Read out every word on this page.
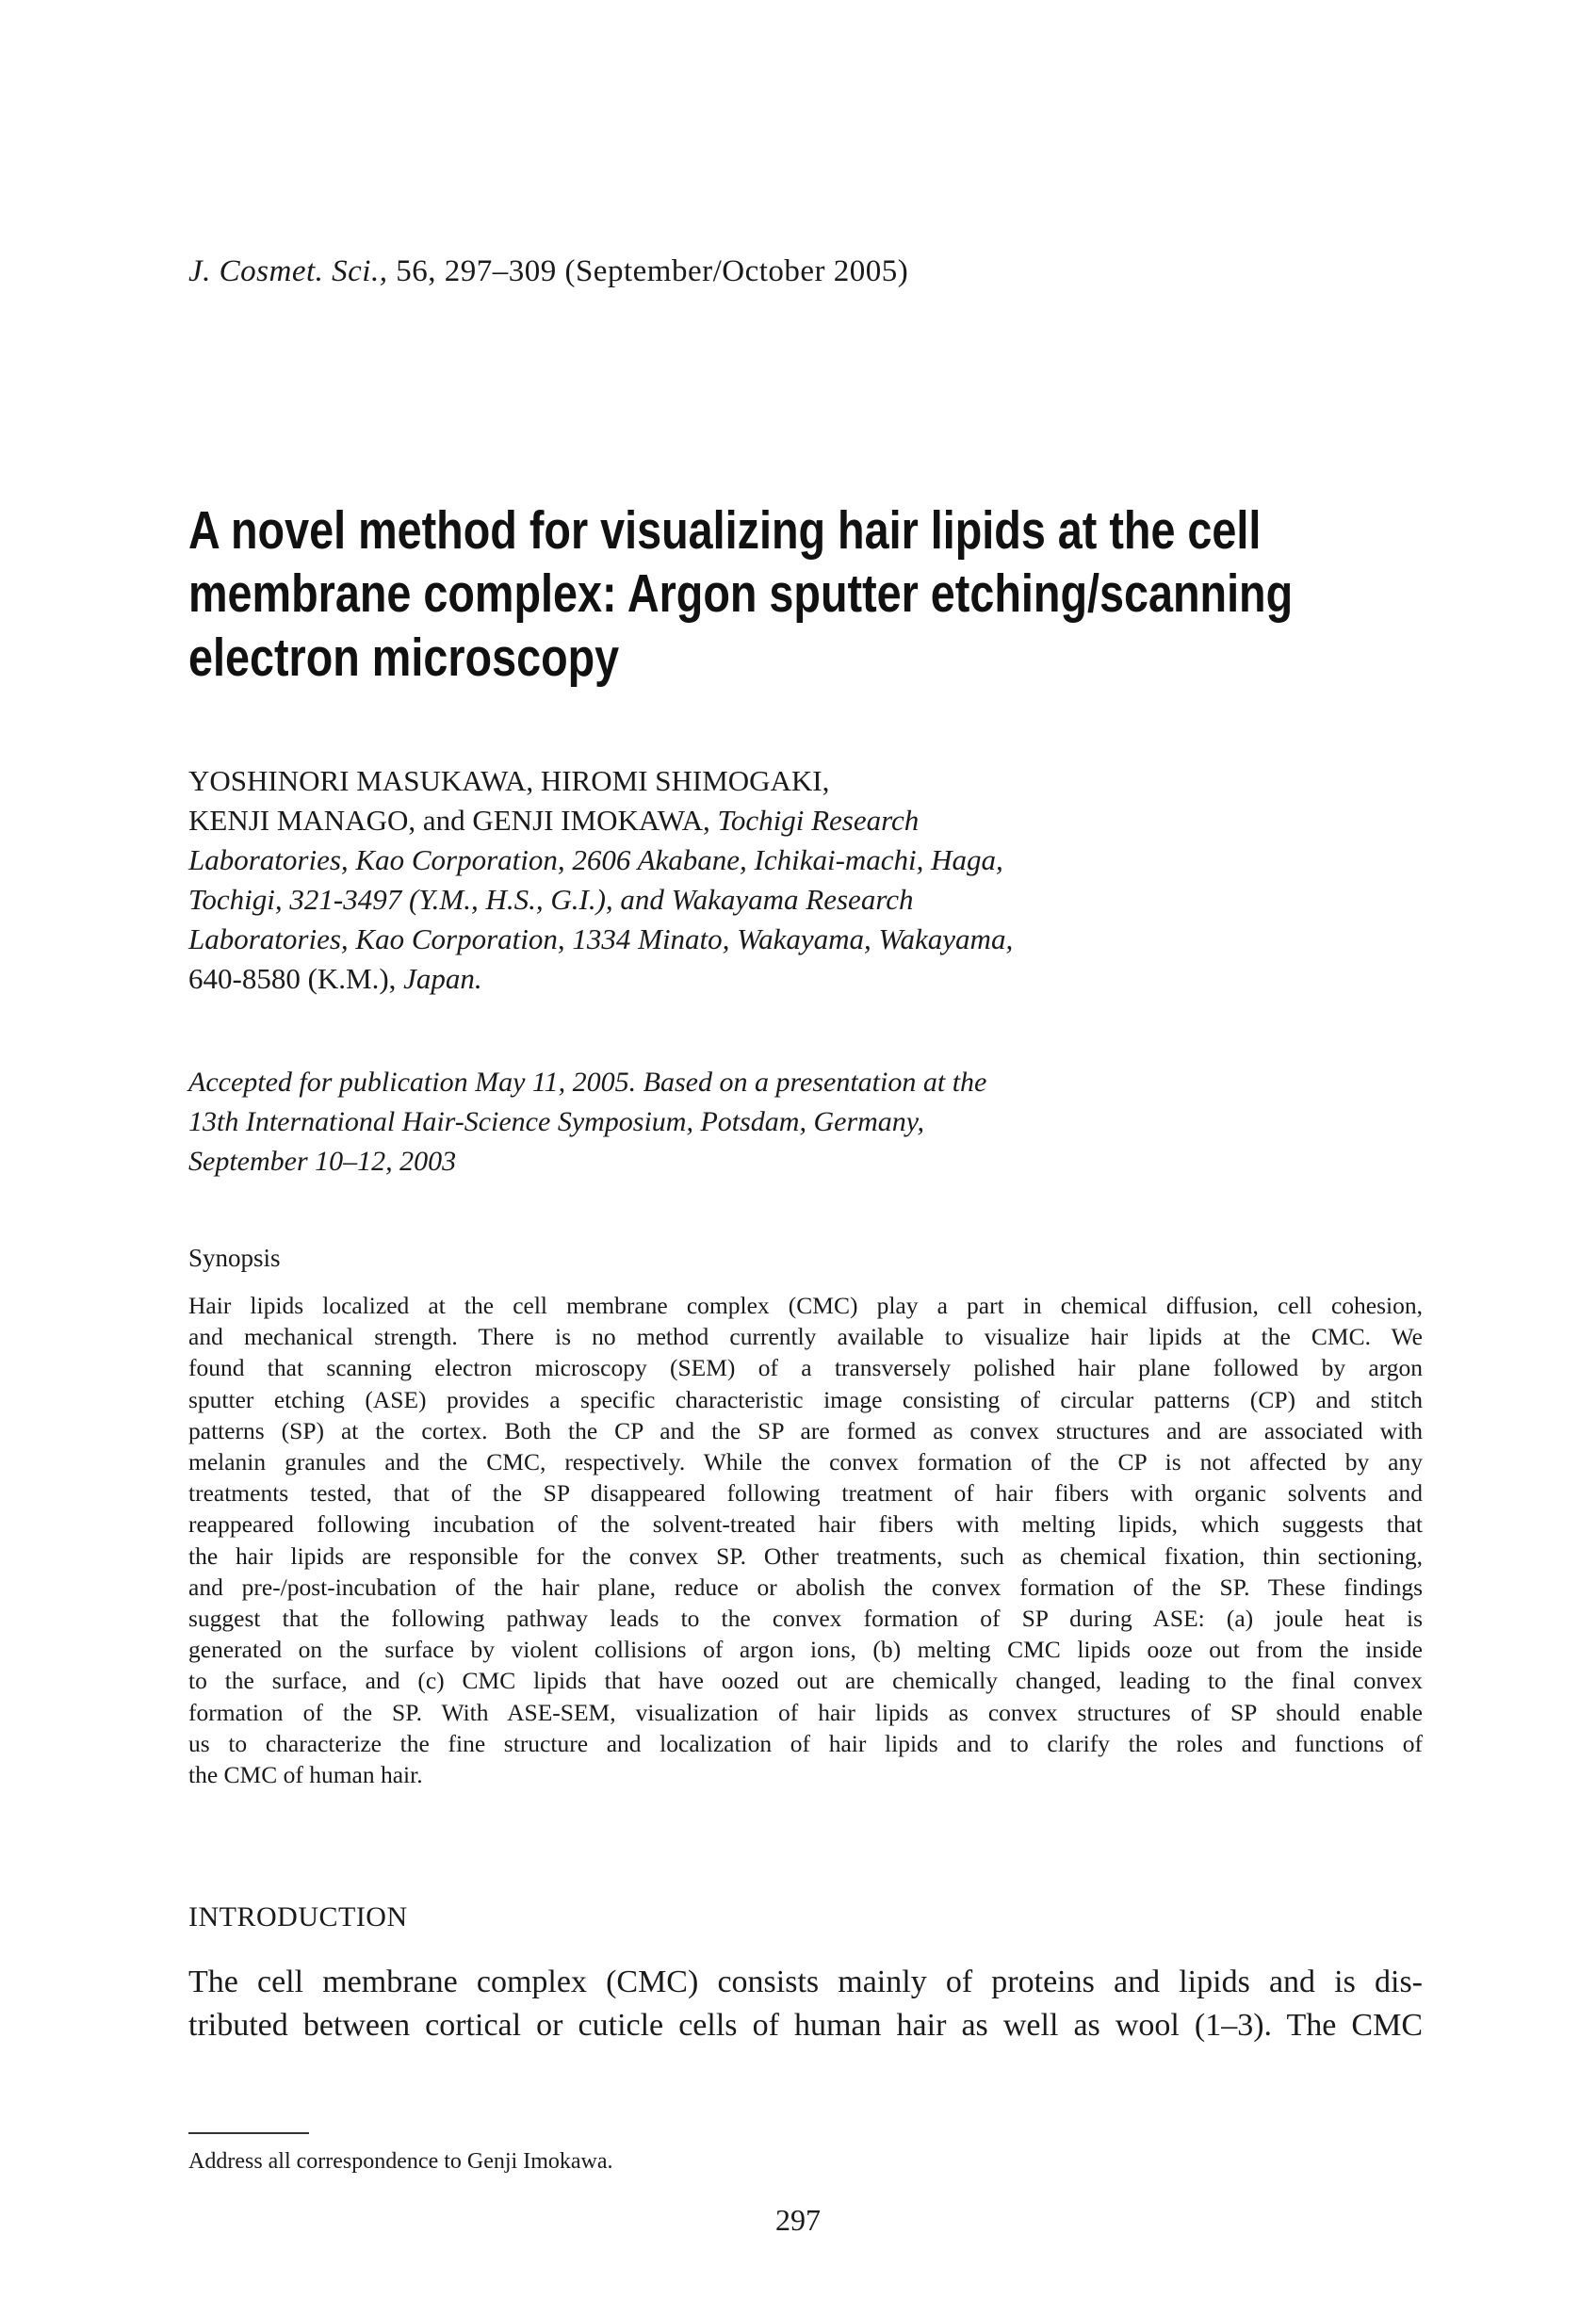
J. Cosmet. Sci., 56, 297–309 (September/October 2005)
A novel method for visualizing hair lipids at the cell
membrane complex: Argon sputter etching/scanning
electron microscopy
YOSHINORI MASUKAWA, HIROMI SHIMOGAKI,
KENJI MANAGO, and GENJI IMOKAWA, Tochigi Research
Laboratories, Kao Corporation, 2606 Akabane, Ichikai-machi, Haga,
Tochigi, 321-3497 (Y.M., H.S., G.I.), and Wakayama Research
Laboratories, Kao Corporation, 1334 Minato, Wakayama, Wakayama,
640-8580 (K.M.), Japan.
Accepted for publication May 11, 2005. Based on a presentation at the
13th International Hair-Science Symposium, Potsdam, Germany,
September 10–12, 2003
Synopsis
Hair lipids localized at the cell membrane complex (CMC) play a part in chemical diffusion, cell cohesion,
and mechanical strength. There is no method currently available to visualize hair lipids at the CMC. We
found that scanning electron microscopy (SEM) of a transversely polished hair plane followed by argon
sputter etching (ASE) provides a specific characteristic image consisting of circular patterns (CP) and stitch
patterns (SP) at the cortex. Both the CP and the SP are formed as convex structures and are associated with
melanin granules and the CMC, respectively. While the convex formation of the CP is not affected by any
treatments tested, that of the SP disappeared following treatment of hair fibers with organic solvents and
reappeared following incubation of the solvent-treated hair fibers with melting lipids, which suggests that
the hair lipids are responsible for the convex SP. Other treatments, such as chemical fixation, thin sectioning,
and pre-/post-incubation of the hair plane, reduce or abolish the convex formation of the SP. These findings
suggest that the following pathway leads to the convex formation of SP during ASE: (a) joule heat is
generated on the surface by violent collisions of argon ions, (b) melting CMC lipids ooze out from the inside
to the surface, and (c) CMC lipids that have oozed out are chemically changed, leading to the final convex
formation of the SP. With ASE-SEM, visualization of hair lipids as convex structures of SP should enable
us to characterize the fine structure and localization of hair lipids and to clarify the roles and functions of
the CMC of human hair.
INTRODUCTION
The cell membrane complex (CMC) consists mainly of proteins and lipids and is dis-
tributed between cortical or cuticle cells of human hair as well as wool (1–3). The CMC
Address all correspondence to Genji Imokawa.
297
